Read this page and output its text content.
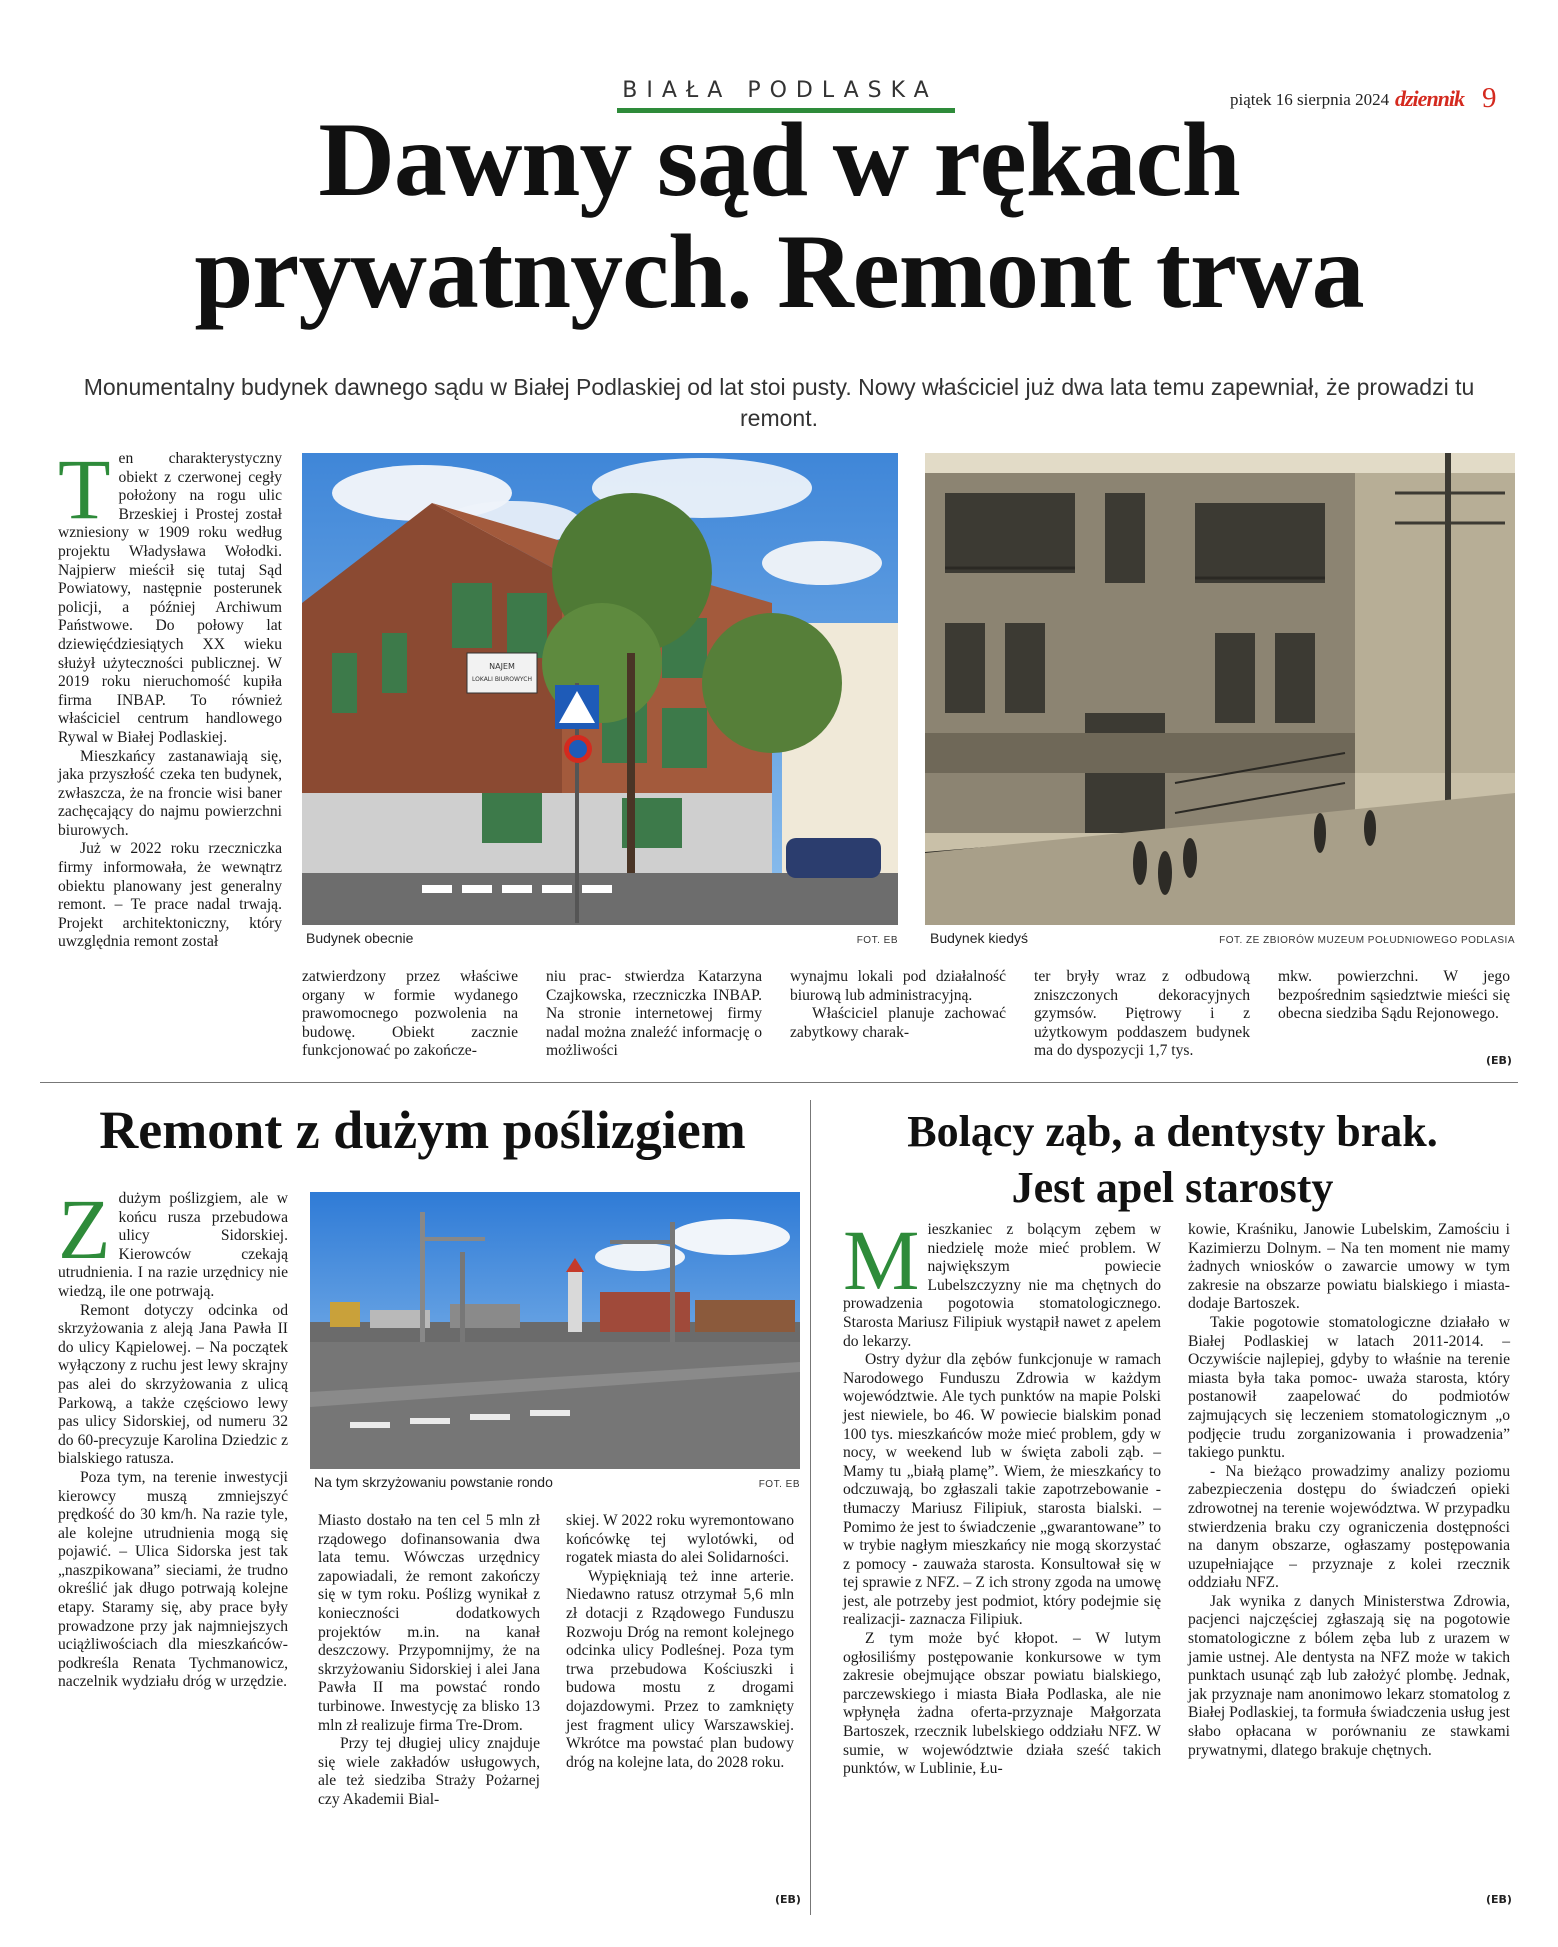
BIAŁA PODLASKA	piątek 16 sierpnia 2024 dziennik 9
Dawny sąd w rękach
prywatnych. Remont trwa
Monumentalny budynek dawnego sądu w Białej Podlaskiej od lat stoi pusty. Nowy właściciel już dwa lata temu zapewniał, że prowadzi tu remont.
T en charakterystyczny obiekt z czerwonej cegły położony na rogu ulic Brzeskiej i Prostej został wzniesiony w 1909 roku według projektu Władysława Wołodki. Najpierw mieścił się tutaj Sąd Powiatowy, następnie posterunek policji, a później Archiwum Państwowe. Do połowy lat dziewięćdziesiątych XX wieku służył użyteczności publicznej. W 2019 roku nieruchomość kupiła firma INBAP. To również właściciel centrum handlowego Rywal w Białej Podlaskiej.

Mieszkańcy zastanawiają się, jaka przyszłość czeka ten budynek, zwłaszcza, że na froncie wisi baner zachęcający do najmu powierzchni biurowych.

Już w 2022 roku rzeczniczka firmy informowała, że wewnątrz obiektu planowany jest generalny remont. – Te prace nadal trwają. Projekt architektoniczny, który uwzględnia remont został

NAJEM
LOKALI BIUROWYCH
Budynek obecnie	FOT. EB Budynek kiedyś	FOT. ZE ZBIORÓW MUZEUM POŁUDNIOWEGO PODLASIA

zatwierdzony przez właściwe organy w formie wydanego prawomocnego pozwolenia na budowę. Obiekt zacznie funkcjonować po zakończe-

niu prac- stwierdza Katarzyna Czajkowska, rzeczniczka INBAP. Na stronie internetowej firmy nadal można znaleźć informację o możliwości

wynajmu lokali pod działalność biurową lub administracyjną.

Właściciel planuje zachować zabytkowy charak-

ter bryły wraz z odbudową zniszczonych dekoracyjnych gzymsów. Piętrowy i z użytkowym poddaszem budynek ma do dyspozycji 1,7 tys.

mkw. powierzchni. W jego bezpośrednim sąsiedztwie mieści się obecna siedziba Sądu Rejonowego.

(EB)
Remont z dużym poślizgiem
Z dużym poślizgiem, ale w końcu rusza przebudowa ulicy Sidorskiej. Kierowców czekają utrudnienia. I na razie urzędnicy nie wiedzą, ile one potrwają.

Remont dotyczy odcinka od skrzyżowania z aleją Jana Pawła II do ulicy Kąpielowej. – Na początek wyłączony z ruchu jest lewy skrajny pas alei do skrzyżowania z ulicą Parkową, a także częściowo lewy pas ulicy Sidorskiej, od numeru 32 do 60-precyzuje Karolina Dziedzic z bialskiego ratusza.

Poza tym, na terenie inwestycji kierowcy muszą zmniejszyć prędkość do 30 km/h. Na razie tyle, ale kolejne utrudnienia mogą się pojawić. – Ulica Sidorska jest tak „naszpikowana” sieciami, że trudno określić jak długo potrwają kolejne etapy. Staramy się, aby prace były prowadzone przy jak najmniejszych uciążliwościach dla mieszkańców- podkreśla Renata Tychmanowicz, naczelnik wydziału dróg w urzędzie.

Na tym skrzyżowaniu powstanie rondo	FOT. EB

Miasto dostało na ten cel 5 mln zł rządowego dofinansowania dwa lata temu. Wówczas urzędnicy zapowiadali, że remont zakończy się w tym roku. Poślizg wynikał z konieczności dodatkowych projektów m.in. na kanał deszczowy. Przypomnijmy, że na skrzyżowaniu Sidorskiej i alei Jana Pawła II ma powstać rondo turbinowe. Inwestycję za blisko 13 mln zł realizuje firma Tre-Drom.

Przy tej długiej ulicy znajduje się wiele zakładów usługowych, ale też siedziba Straży Pożarnej czy Akademii Bial-

skiej. W 2022 roku wyremontowano końcówkę tej wylotówki, od rogatek miasta do alei Solidarności.

Wypiękniają też inne arterie. Niedawno ratusz otrzymał 5,6 mln zł dotacji z Rządowego Funduszu Rozwoju Dróg na remont kolejnego odcinka ulicy Podleśnej. Poza tym trwa przebudowa Kościuszki i budowa mostu z drogami dojazdowymi. Przez to zamknięty jest fragment ulicy Warszawskiej. Wkrótce ma powstać plan budowy dróg na kolejne lata, do 2028 roku.

(EB)
Bolący ząb, a dentysty brak.
Jest apel starosty
M ieszkaniec z bolącym zębem w niedzielę może mieć problem. W największym powiecie Lubelszczyzny nie ma chętnych do prowadzenia pogotowia stomatologicznego. Starosta Mariusz Filipiuk wystąpił nawet z apelem do lekarzy.

Ostry dyżur dla zębów funkcjonuje w ramach Narodowego Funduszu Zdrowia w każdym województwie. Ale tych punktów na mapie Polski jest niewiele, bo 46. W powiecie bialskim ponad 100 tys. mieszkańców może mieć problem, gdy w nocy, w weekend lub w święta zaboli ząb. – Mamy tu „białą plamę”. Wiem, że mieszkańcy to odczuwają, bo zgłaszali takie zapotrzebowanie - tłumaczy Mariusz Filipiuk, starosta bialski. – Pomimo że jest to świadczenie „gwarantowane” to w trybie nagłym mieszkańcy nie mogą skorzystać z pomocy - zauważa starosta. Konsultował się w tej sprawie z NFZ. – Z ich strony zgoda na umowę jest, ale potrzeby jest podmiot, który podejmie się realizacji- zaznacza Filipiuk.

Z tym może być kłopot. – W lutym ogłosiliśmy postępowanie konkursowe w tym zakresie obejmujące obszar powiatu bialskiego, parczewskiego i miasta Biała Podlaska, ale nie wpłynęła żadna oferta-przyznaje Małgorzata Bartoszek, rzecznik lubelskiego oddziału NFZ. W sumie, w województwie działa sześć takich punktów, w Lublinie, Łu-

kowie, Kraśniku, Janowie Lubelskim, Zamościu i Kazimierzu Dolnym. – Na ten moment nie mamy żadnych wniosków o zawarcie umowy w tym zakresie na obszarze powiatu bialskiego i miasta- dodaje Bartoszek.

Takie pogotowie stomatologiczne działało w Białej Podlaskiej w latach 2011-2014. – Oczywiście najlepiej, gdyby to właśnie na terenie miasta była taka pomoc- uważa starosta, który postanowił zaapelować do podmiotów zajmujących się leczeniem stomatologicznym „o podjęcie trudu zorganizowania i prowadzenia” takiego punktu.

- Na bieżąco prowadzimy analizy poziomu zabezpieczenia dostępu do świadczeń opieki zdrowotnej na terenie województwa. W przypadku stwierdzenia braku czy ograniczenia dostępności na danym obszarze, ogłaszamy postępowania uzupełniające – przyznaje z kolei rzecznik oddziału NFZ.

Jak wynika z danych Ministerstwa Zdrowia, pacjenci najczęściej zgłaszają się na pogotowie stomatologiczne z bólem zęba lub z urazem w jamie ustnej. Ale dentysta na NFZ może w takich punktach usunąć ząb lub założyć plombę. Jednak, jak przyznaje nam anonimowo lekarz stomatolog z Białej Podlaskiej, ta formuła świadczenia usług jest słabo opłacana w porównaniu ze stawkami prywatnymi, dlatego brakuje chętnych.

(EB)
